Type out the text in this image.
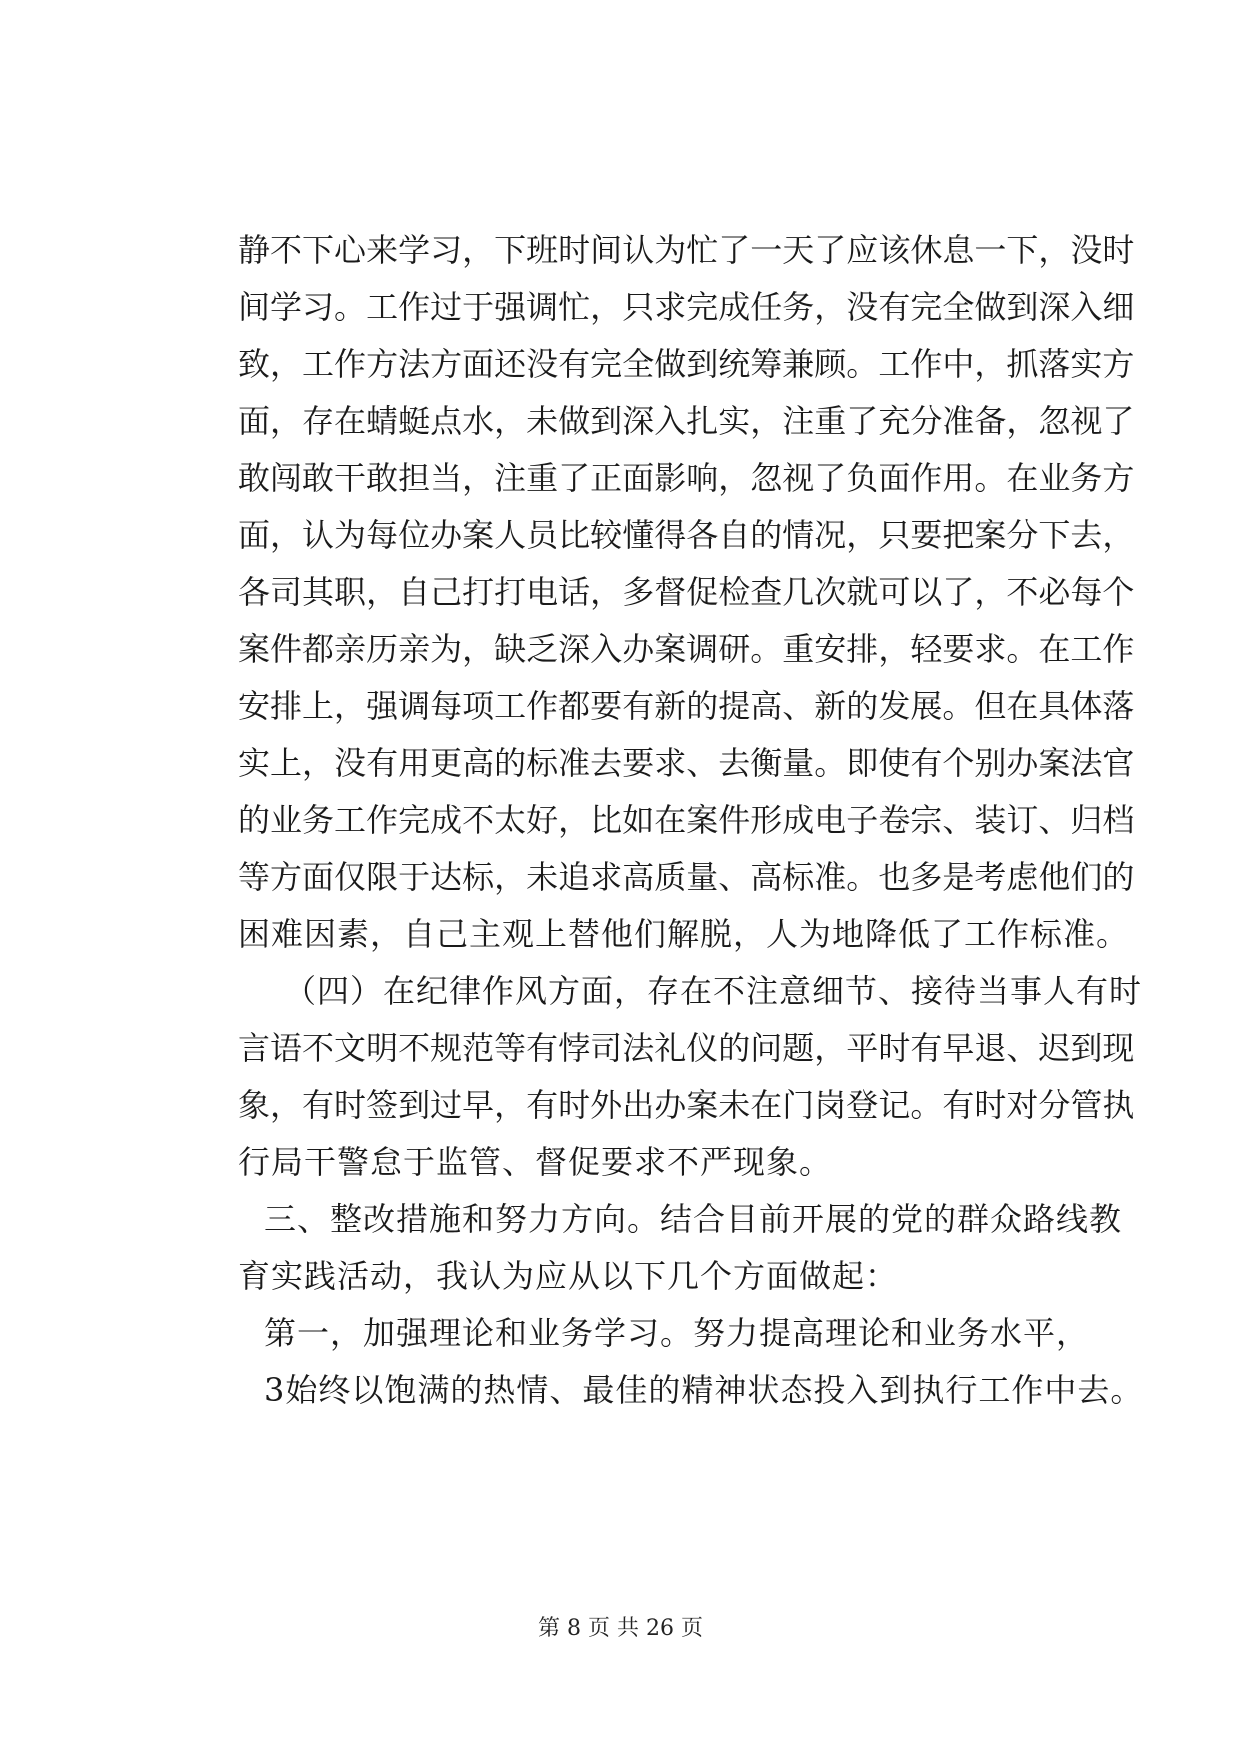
静 不 下 心 来 学 习 ， 下 班 时 间 认 为 忙 了 一 天 了 应 该 休 息 一 下 ， 没 时
间 学 习 。 工 作 过 于 强 调 忙 ， 只 求 完 成 任 务 ， 没 有 完 全 做 到 深 入 细
致 ， 工 作 方 法 方 面 还 没 有 完 全 做 到 统 筹 兼 顾 。 工 作 中 ， 抓 落 实 方
面 ， 存 在 蜻 蜓 点 水 ， 未 做 到 深 入 扎 实 ， 注 重 了 充 分 准 备 ， 忽 视 了
敢 闯 敢 干 敢 担 当 ， 注 重 了 正 面 影 响 ， 忽 视 了 负 面 作 用 。 在 业 务 方
面 ， 认 为 每 位 办 案 人 员 比 较 懂 得 各 自 的 情 况 ， 只 要 把 案 分 下 去 ，
各 司 其 职 ， 自 己 打 打 电 话 ， 多 督 促 检 查 几 次 就 可 以 了 ， 不 必 每 个
案 件 都 亲 历 亲 为 ， 缺 乏 深 入 办 案 调 研 。 重 安 排 ， 轻 要 求 。 在 工 作
安 排 上 ， 强 调 每 项 工 作 都 要 有 新 的 提 高 、 新 的 发 展 。 但 在 具 体 落
实 上 ， 没 有 用 更 高 的 标 准 去 要 求 、 去 衡 量 。 即 使 有 个 别 办 案 法 官
的 业 务 工 作 完 成 不 太 好 ， 比 如 在 案 件 形 成 电 子 卷 宗 、 装 订 、 归 档
等 方 面 仅 限 于 达 标 ， 未 追 求 高 质 量 、 高 标 准 。 也 多 是 考 虑 他 们 的
困难因素，自己主观上替他们解脱，人为地降低了工作标准。
（四）在纪律作风方面，存在不注意细节、接待当事人有时
言 语 不 文 明 不 规 范 等 有 悖 司 法 礼 仪 的 问 题 ， 平 时 有 早 退 、 迟 到 现
象 ， 有 时 签 到 过 早 ， 有 时 外 出 办 案 未 在 门 岗 登 记 。 有 时 对 分 管 执
行局干警怠于监管、督促要求不严现象。
三、整改措施和努力方向。结合目前开展的党的群众路线教
育实践活动，我认为应从以下几个方面做起：
第一，加强理论和业务学习。努力提高理论和业务水平，
3始终以饱满的热情、最佳的精神状态投入到执行工作中去。
第 8 页 共 26 页
